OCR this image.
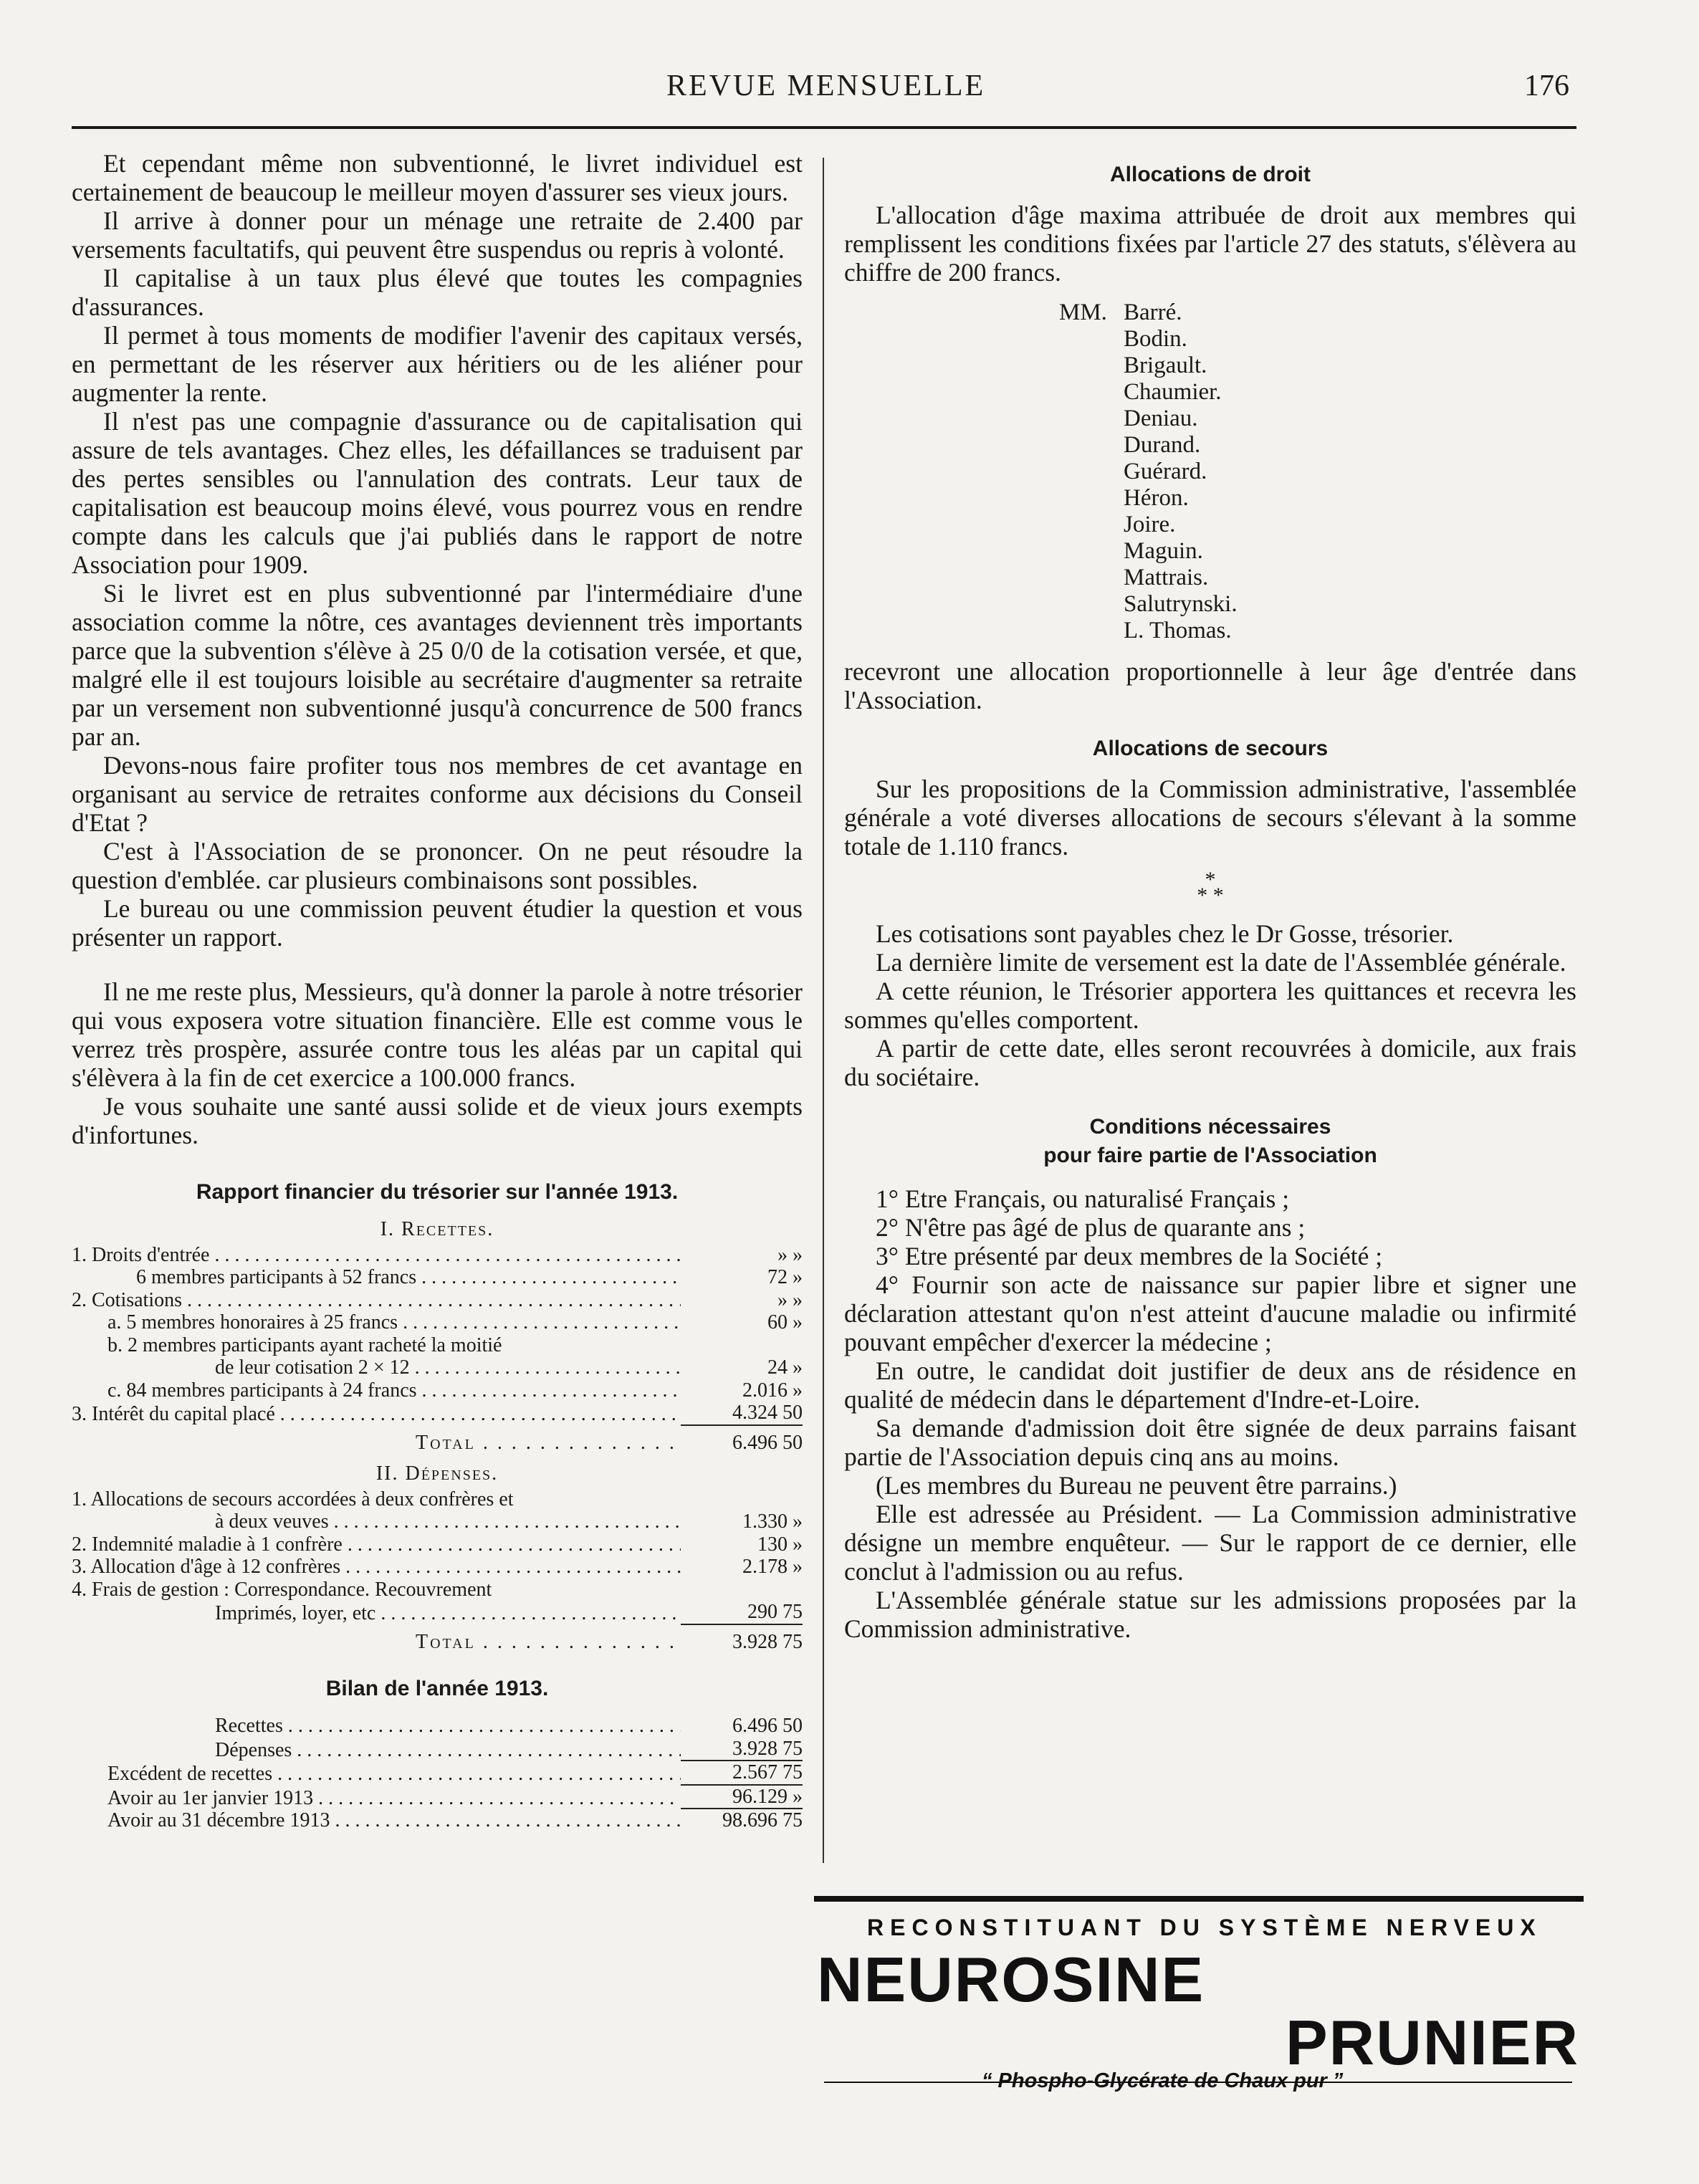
REVUE MENSUELLE	176

Et cependant même non subventionné, le livret individuel est certainement de beaucoup le meilleur moyen d'assurer ses vieux jours.

Il arrive à donner pour un ménage une retraite de 2.400 par versements facultatifs, qui peuvent être suspendus ou repris à volonté.

Il capitalise à un taux plus élevé que toutes les compagnies d'assurances.

Il permet à tous moments de modifier l'avenir des capitaux versés, en permettant de les réserver aux héritiers ou de les aliéner pour augmenter la rente.

Il n'est pas une compagnie d'assurance ou de capitalisation qui assure de tels avantages. Chez elles, les défaillances se traduisent par des pertes sensibles ou l'annulation des contrats. Leur taux de capitalisation est beaucoup moins élevé, vous pourrez vous en rendre compte dans les calculs que j'ai publiés dans le rapport de notre Association pour 1909.

Si le livret est en plus subventionné par l'intermédiaire d'une association comme la nôtre, ces avantages deviennent très importants parce que la subvention s'élève à 25 0/0 de la cotisation versée, et que, malgré elle il est toujours loisible au secrétaire d'augmenter sa retraite par un versement non subventionné jusqu'à concurrence de 500 francs par an.

Devons-nous faire profiter tous nos membres de cet avantage en organisant au service de retraites conforme aux décisions du Conseil d'Etat ?

C'est à l'Association de se prononcer. On ne peut résoudre la question d'emblée. car plusieurs combinaisons sont possibles.

Le bureau ou une commission peuvent étudier la question et vous présenter un rapport.

Il ne me reste plus, Messieurs, qu'à donner la parole à notre trésorier qui vous exposera votre situation financière. Elle est comme vous le verrez très prospère, assurée contre tous les aléas par un capital qui s'élèvera à la fin de cet exercice a 100.000 francs.

Je vous souhaite une santé aussi solide et de vieux jours exempts d'infortunes.

Rapport financier du trésorier sur l'année 1913.
I. Recettes.
1. Droits d'entrée . . .	» »
6 membres participants à 52 francs . . .	72 »
2. Cotisations . . .	» »
a. 5 membres honoraires à 25 francs . . .	60 »
b. 2 membres participants ayant racheté la moitié
de leur cotisation 2 × 12 . . .	24 »
c. 84 membres participants à 24 francs . . .	2.016 »
3. Intérêt du capital placé . . .	4.324 50
Total . . .	6.496 50
II. Dépenses.
1. Allocations de secours accordées à deux confrères et
à deux veuves . . .	1.330 »
2. Indemnité maladie à 1 confrère . . .	130 »
3. Allocation d'âge à 12 confrères . . .	2.178 »
4. Frais de gestion : Correspondance. Recouvrement
Imprimés, loyer, etc . . .	290 75
Total . . .	3.928 75
Bilan de l'année 1913.
Recettes . . .	6.496 50
Dépenses . . .	3.928 75
Excédent de recettes . . .	2.567 75
Avoir au 1er janvier 1913 . . .	96.129 »
Avoir au 31 décembre 1913 . . .	98.696 75
Allocations de droit

L'allocation d'âge maxima attribuée de droit aux membres qui remplissent les conditions fixées par l'article 27 des statuts, s'élèvera au chiffre de 200 francs.

MM. Barré.
Bodin.
Brigault.
Chaumier.
Deniau.
Durand.
Guérard.
Héron.
Joire.
Maguin.
Mattrais.
Salutrynski.
L. Thomas.

recevront une allocation proportionnelle à leur âge d'entrée dans l'Association.

Allocations de secours

Sur les propositions de la Commission administrative, l'assemblée générale a voté diverses allocations de secours s'élevant à la somme totale de 1.110 francs.

*
* *

Les cotisations sont payables chez le Dr Gosse, trésorier.

La dernière limite de versement est la date de l'Assemblée générale.

A cette réunion, le Trésorier apportera les quittances et recevra les sommes qu'elles comportent.

A partir de cette date, elles seront recouvrées à domicile, aux frais du sociétaire.

Conditions nécessaires
pour faire partie de l'Association

1° Etre Français, ou naturalisé Français ;

2° N'être pas âgé de plus de quarante ans ;

3° Etre présenté par deux membres de la Société ;

4° Fournir son acte de naissance sur papier libre et signer une déclaration attestant qu'on n'est atteint d'aucune maladie ou infirmité pouvant empêcher d'exercer la médecine ;

En outre, le candidat doit justifier de deux ans de résidence en qualité de médecin dans le département d'Indre-et-Loire.

Sa demande d'admission doit être signée de deux parrains faisant partie de l'Association depuis cinq ans au moins.

(Les membres du Bureau ne peuvent être parrains.)

Elle est adressée au Président. — La Commission administrative désigne un membre enquêteur. — Sur le rapport de ce dernier, elle conclut à l'admission ou au refus.

L'Assemblée générale statue sur les admissions proposées par la Commission administrative.

RECONSTITUANT DU SYSTÈME NERVEUX
NEUROSINE
PRUNIER
“ Phospho-Glycérate de Chaux pur ”
